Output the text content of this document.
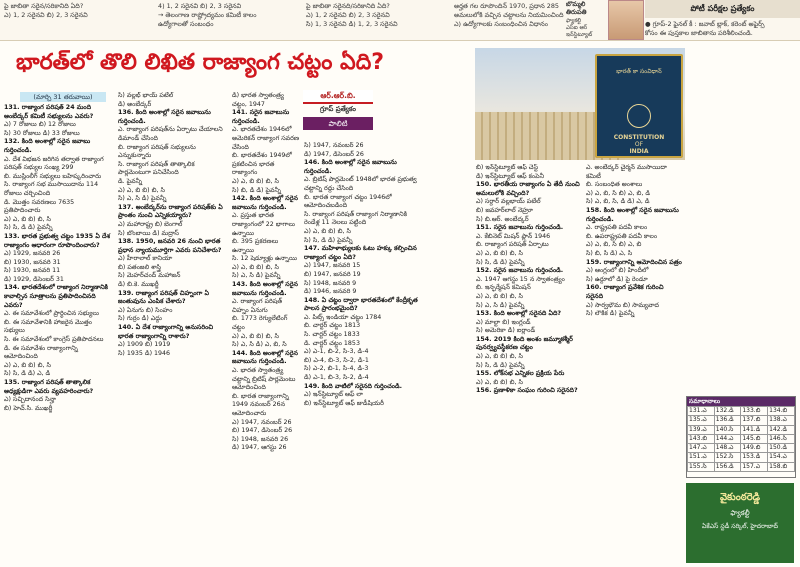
పై జాబితా సరైన/సరికానిది ఏది?
ఎ) 1, 2 సరైనవి బి) 2, 3 సరైనవి
4) 1, 2 సరైనవి బి) 2, 3 సరైనవి
→ తెలంగాణ రాష్ట్రోద్యమం కమిటీ కాలం
ఉద్యోగాలతో సంబంధం
పై జాబితా సరైనది/సరికానిది ఏది?
ఎ) 1, 2 సరైనవి బి) 2, 3 సరైనవి
సి) 1, 3 సరైనవి డి) 1, 2, 3 సరైనవి
అర్హత గల రూపొందిన్ 1970, ప్రధాన 285
అమలులోకి వచ్చిన చట్టాలను నియమించింది
ఎ) ఉద్యోగాలకు సంబంధించిన విధానం
బొమ్మలి తిరుపతి
ఫ్యాకల్టీ
ఎస్‌ఐ ఆర్ ఇన్‌స్టిట్యూట్
పోటీ పరీక్షల ప్రత్యేకం
● గ్రూప్-2 ఫైనల్ కీ : జవాబ్ బ్లాక్, కరెంట్ అఫైర్స్
కోసం ఈ పుస్తకాల జాబితాను పరిశీలించండి.
భారత్‌లో తొలి లిఖిత రాజ్యాంగ చట్టం ఏది?	భారత్ కా సంవిధాన్
CONSTITUTION
OF
INDIA
(మార్చి 31 తరువాయి)	ఆర్.ఆర్.బి.
గ్రూప్ ప్రత్యేకం
పాలిటి

131. రాజ్యాంగ పరిషత్ 24 మంది అంబేద్కర్ కమిటీ సభ్యులను ఎవరు?

ఎ) 7 రోజులు బి) 12 రోజులు

సి) 30 రోజులు డి) 33 రోజులు

132. కింది అంశాల్లో సరైన జవాబు గుర్తించండి.

ఎ. దేశ విభజన జరిగిన తర్వాత రాజ్యాంగ పరిషత్ సభ్యుల సంఖ్య 299

బి. ముస్లింలీగ్ సభ్యులు బహిష్కరించారు

సి. రాజ్యాంగ సభ ముసాయిదాను 114 రోజులు చర్చించింది

డి. మొత్తం సవరణలు 7635 ప్రతిపాదించారు

ఎ) ఎ, బి బి) బి, సి

సి) సి, డి డి) పైవన్నీ

133. భారత ప్రభుత్వ చట్టం 1935 ఏ దేశ రాజ్యాంగం ఆధారంగా రూపొందించారు?

ఎ) 1929, జనవరి 26

బి) 1930, జనవరి 31

సి) 1930, జనవరి 11

డి) 1929, డిసెంబర్ 31

134. భారతదేశంలో రాజ్యాంగ నిర్మాణానికి కావాల్సిన సూత్రాలను ప్రతిపాదించినది ఎవరు?

ఎ. ఈ సమావేశంలో ప్రార్థించిన సభ్యులు

బి. ఈ సమావేశానికి హాజరైన మొత్తం సభ్యులు

సి. ఈ సమావేశంలో కాంగ్రెస్ ప్రతిపాదనలు

డి. ఈ సమావేశం రాజ్యాంగాన్ని ఆమోదించింది

ఎ) ఎ, బి బి) బి, సి

సి) సి, డి డి) ఎ, డి

135. రాజ్యాంగ పరిషత్ తాత్కాలిక అధ్యక్షుడిగా ఎవరు వ్యవహరించారు?

ఎ) సచ్చిదానంద సిన్హా

బి) హెచ్.సి. ముఖర్జీ

సి) వల్లభ్ భాయ్ పటేల్

డి) అంబేద్కర్

136. కింది అంశాల్లో సరైన జవాబును గుర్తించండి.

ఎ. రాజ్యాంగ పరిషత్‌ను ఏర్పాటు చేయాలని డిమాండ్ చేసింది

బి. రాజ్యాంగ పరిషత్ సభ్యులను ఎన్నుకున్నారు

సి. రాజ్యాంగ పరిషత్ తాత్కాలిక పార్లమెంటుగా పనిచేసింది

డి. పైవన్నీ

ఎ) ఎ, బి బి) బి, సి

సి) ఎ, సి డి) పైవన్నీ

137. అంబేద్కర్‌ను రాజ్యాంగ పరిషత్‌కు ఏ ప్రాంతం నుంచి ఎన్నికయ్యారు?

ఎ) మహారాష్ట్ర బి) బెంగాల్

సి) బొంబాయి డి) మద్రాస్

138. 1950, జనవరి 26 నుంచి భారత ప్రధాన న్యాయమూర్తిగా ఎవరు పనిచేశారు?

ఎ) హీరాలాల్ కానియా

బి) పతంజలి శాస్త్రి

సి) మెహర్‌చంద్ మహాజన్

డి) బి.కె. ముఖర్జీ

139. రాజ్యాంగ పరిషత్ చిహ్నంగా ఏ జంతువును ఎంపిక చేశారు?

ఎ) ఏనుగు బి) సింహం

సి) గుర్రం డి) ఎద్దు

140. ఏ దేశ రాజ్యాంగాన్ని అనుసరించి భారత రాజ్యాంగాన్ని రాశారు?

ఎ) 1909 బి) 1919

సి) 1935 డి) 1946

డి) భారత స్వాతంత్ర్య చట్టం, 1947

141. సరైన జవాబును గుర్తించండి.

ఎ. భారతదేశం 1946లో అమెరికన్ రాజ్యాంగ సవరణ చేసింది

బి. భారతదేశం 1949లో ప్రకటించిన భారత రాజ్యాంగం

ఎ) ఎ, బి బి) బి, సి

సి) బి, డి డి) పైవన్నీ

142. కింది అంశాల్లో సరైన జవాబును గుర్తించండి.

ఎ. ప్రస్తుత భారత రాజ్యాంగంలో 22 భాగాలు ఉన్నాయి

బి. 395 ప్రకరణలు ఉన్నాయి

సి. 12 షెడ్యూళ్లు ఉన్నాయి

ఎ) ఎ, బి బి) బి, సి

సి) ఎ, సి డి) పైవన్నీ

143. కింది అంశాల్లో సరైన జవాబును గుర్తించండి.

ఎ. రాజ్యాంగ పరిషత్ చిహ్నం ఏనుగు

బి. 1773 రెగ్యులేటింగ్ చట్టం

ఎ) ఎ, బి బి) బి, సి

సి) ఎ, సి డి) ఎ, బి, సి

144. కింది అంశాల్లో సరైన జవాబును గుర్తించండి.

ఎ. భారత స్వాతంత్ర్య చట్టాన్ని బ్రిటిష్ పార్లమెంటు ఆమోదించింది

బి. భారత రాజ్యాంగాన్ని 1949 నవంబర్ 26న ఆమోదించారు

ఎ) 1947, నవంబర్ 26

బి) 1947, డిసెంబర్ 26

సి) 1948, జనవరి 26

డి) 1947, ఆగస్టు 26

సి) 1947, నవంబర్ 26

డి) 1947, డిసెంబర్ 26

146. కింది అంశాల్లో సరైన జవాబును గుర్తించండి.

ఎ. బ్రిటిష్ పార్లమెంట్ 1948లో భారత ప్రభుత్వ చట్టాన్ని రద్దు చేసింది

బి. భారత రాజ్యాంగ చట్టం 1946లో ఆమోదించబడింది

సి. రాజ్యాంగ పరిషత్ రాజ్యాంగ నిర్మాణానికి రెండేళ్ల 11 నెలలు పట్టింది

ఎ) ఎ, బి బి) బి, సి

సి) సి, డి డి) పైవన్నీ

147. మహిళాభ్యులకు ఓటు హక్కు కల్పించిన రాజ్యాంగ చట్టం ఏది?

ఎ) 1947, జనవరి 15

బి) 1947, జనవరి 19

సి) 1948, జనవరి 9

డి) 1946, జనవరి 9

148. ఏ చట్టం ద్వారా భారతదేశంలో కేంద్రీకృత పాలన ప్రారంభమైంది?

ఎ. పిట్స్ ఇండియా చట్టం 1784

బి. చార్టర్ చట్టం 1813

సి. చార్టర్ చట్టం 1833

డి. చార్టర్ చట్టం 1853

ఎ) ఎ-1, బి-2, సి-3, డి-4

బి) ఎ-4, బి-3, సి-2, డి-1

సి) ఎ-2, బి-1, సి-4, డి-3

డి) ఎ-1, బి-3, సి-2, డి-4

149. కింది వాటిలో సరైనది గుర్తించండి.

ఎ) ఇన్‌స్టిట్యూట్ ఆఫ్ లా

బి) ఇన్‌స్టిట్యూట్ ఆఫ్ జుడీషియరీ

బి) ఇన్‌స్టిట్యూట్ ఆఫ్ చెస్ట్

డి) ఇన్‌స్టిట్యూట్ ఆఫ్ కంపెనీ

150. భారతీయ రాజ్యాంగం ఏ తేదీ నుంచి అమలులోకి వచ్చింది?

ఎ) సర్దార్ వల్లభాయ్ పటేల్

బి) జవహర్‌లాల్ నెహ్రూ

సి) బి.ఆర్. అంబేద్కర్

151. సరైన జవాబును గుర్తించండి.

ఎ. కేబినెట్ మిషన్ ప్లాన్ 1946

బి. రాజ్యాంగ పరిషత్ ఏర్పాటు

ఎ) ఎ, బి బి) బి, సి

సి) సి, డి డి) పైవన్నీ

152. సరైన జవాబును గుర్తించండి.

ఎ. 1947 ఆగస్టు 15 న స్వాతంత్ర్యం

బి. ఇన్ఫర్మేషన్ కమిషన్

ఎ) ఎ, బి బి) బి, సి

సి) ఎ, సి డి) పైవన్నీ

153. కింది అంశాల్లో సరైనది ఏది?

ఎ) మాల్టా బి) ఇంగ్లండ్

సి) అమెరికా డి) ఐర్లాండ్

154. 2019 కింది అంశం జమ్మూకశ్మీర్ పునర్వ్యవస్థీకరణ చట్టం

ఎ) ఎ, బి బి) బి, సి

సి) సి, డి డి) పైవన్నీ

155. లోక్‌సభ ఎన్నికల ప్రక్రియ పేరు

ఎ) ఎ, బి బి) బి, సి

156. ప్రణాళికా సంఘం గురించి సరైనది?

ఎ. అంబేద్కర్ చైర్మన్ ముసాయిదా కమిటీ

బి. సంబంధిత అంశాలు

ఎ) ఎ, బి, సి బి) ఎ, బి, డి

సి) ఎ, బి, సి, డి డి) ఎ, డి

158. కింది అంశాల్లో సరైన జవాబును గుర్తించండి.

ఎ. రాష్ట్రపతి పదవీ కాలం

బి. ఉపరాష్ట్రపతి పదవీ కాలం

ఎ) ఎ, బి, సి బి) ఎ, బి

సి) బి, సి డి) ఎ, సి

159. రాజ్యాంగాన్ని ఆమోదించిన పత్రం

ఎ) ఆంగ్లంలో బి) హిందీలో

సి) ఉర్దూలో డి) పై రెండూ

160. రాజ్యాంగ ప్రవేశిక గురించి సరైనది

ఎ) సార్వభౌమ బి) సామ్యవాద

సి) లౌకిక డి) పైవన్నీ

సమాధానాలు
131.ఎ	132.డి	133.బి	134.బి
135.ఎ	136.డి	137.బి	138.ఎ
139.ఎ	140.సి	141.డి	142.డి
143.బి	144.ఎ	145.బి	146.సి
147.ఎ	148.ఎ	149.బి	150.డి
151.ఎ	152.సి	153.డి	154.ఎ
155.సి	156.డి	157.ఎ	158.బి
వైకుంఠరెడ్డి
ఫ్యాకల్టీ
ఏకేఎస్ స్టడీ సర్కిల్, హైదరాబాద్
